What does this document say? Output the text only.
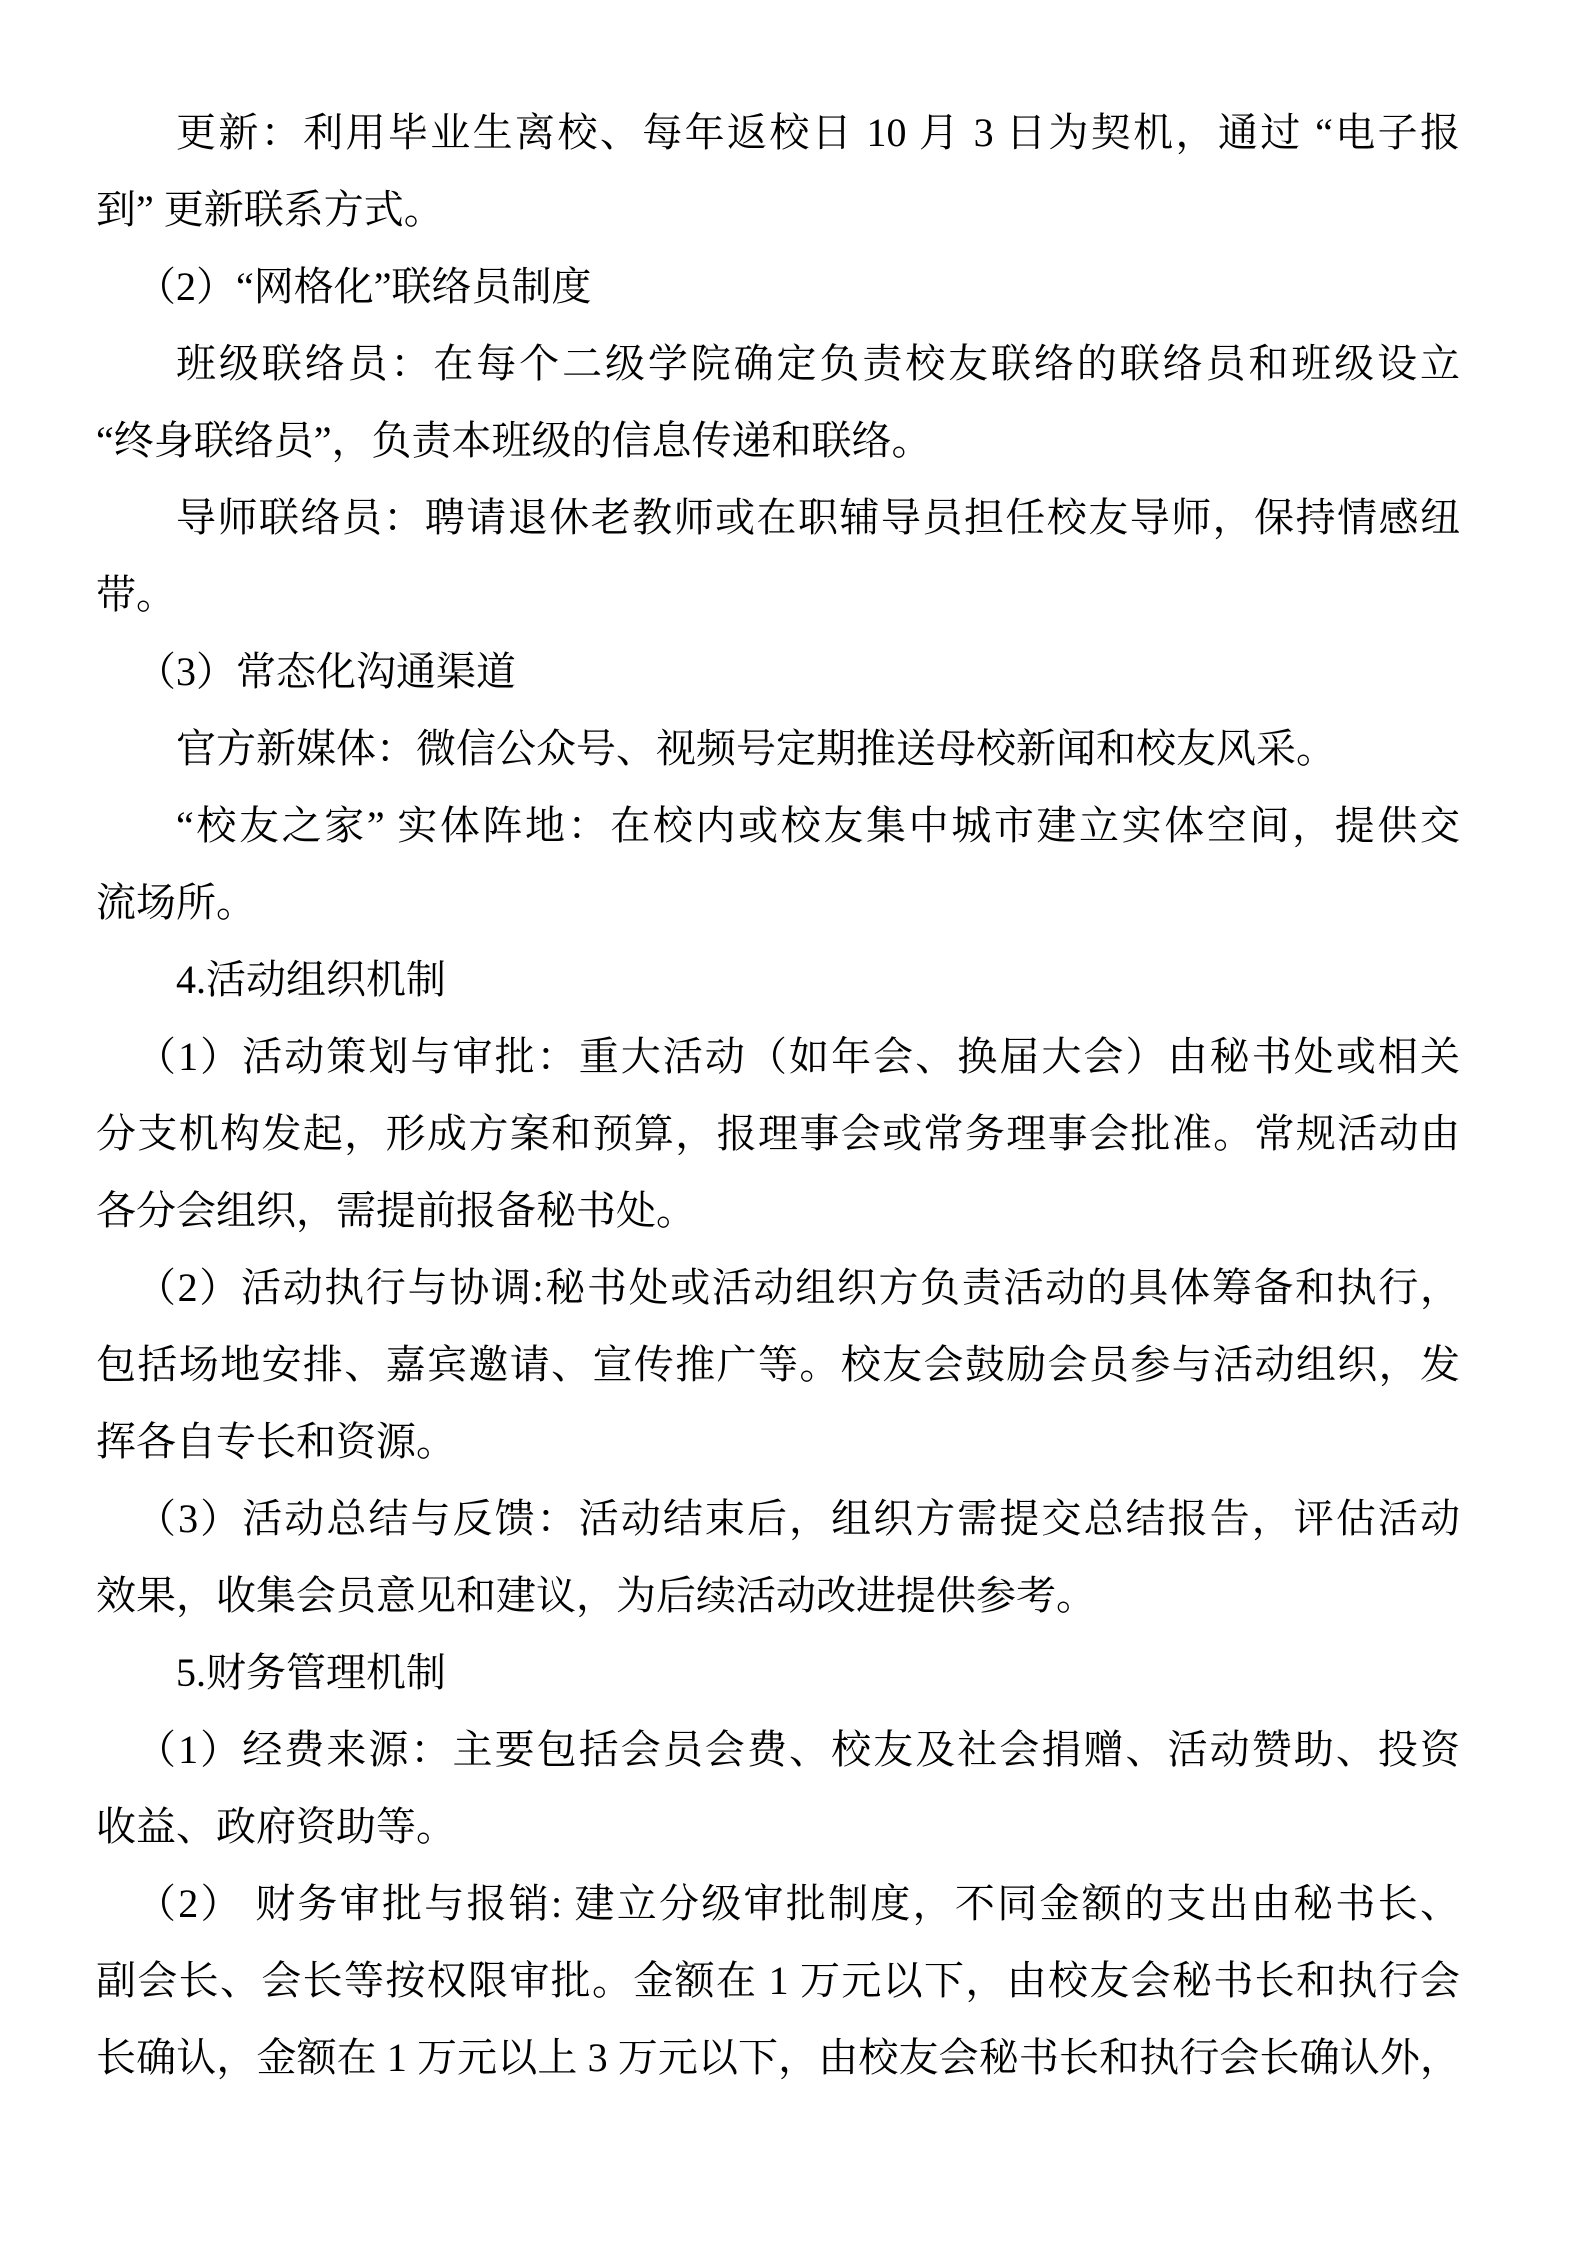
更新：利用毕业生离校、每年返校日 10 月 3 日为契机，通过 “电子报
到” 更新联系方式。
（2）“网格化”联络员制度
班级联络员：在每个二级学院确定负责校友联络的联络员和班级设立
“终身联络员”，负责本班级的信息传递和联络。
导师联络员：聘请退休老教师或在职辅导员担任校友导师，保持情感纽
带。
（3）常态化沟通渠道
官方新媒体：微信公众号、视频号定期推送母校新闻和校友风采。
“校友之家” 实体阵地：在校内或校友集中城市建立实体空间，提供交
流场所。
4.活动组织机制
（1）活动策划与审批：重大活动（如年会、换届大会）由秘书处或相关
分支机构发起，形成方案和预算，报理事会或常务理事会批准。常规活动由
各分会组织，需提前报备秘书处。
（2）活动执行与协调:秘书处或活动组织方负责活动的具体筹备和执行，
包括场地安排、嘉宾邀请、宣传推广等。校友会鼓励会员参与活动组织，发
挥各自专长和资源。
（3）活动总结与反馈：活动结束后，组织方需提交总结报告，评估活动
效果，收集会员意见和建议，为后续活动改进提供参考。
5.财务管理机制
（1）经费来源：主要包括会员会费、校友及社会捐赠、活动赞助、投资
收益、政府资助等。
（2） 财务审批与报销: 建立分级审批制度，不同金额的支出由秘书长、
副会长、会长等按权限审批。金额在 1 万元以下，由校友会秘书长和执行会
长确认，金额在 1 万元以上 3 万元以下，由校友会秘书长和执行会长确认外，
